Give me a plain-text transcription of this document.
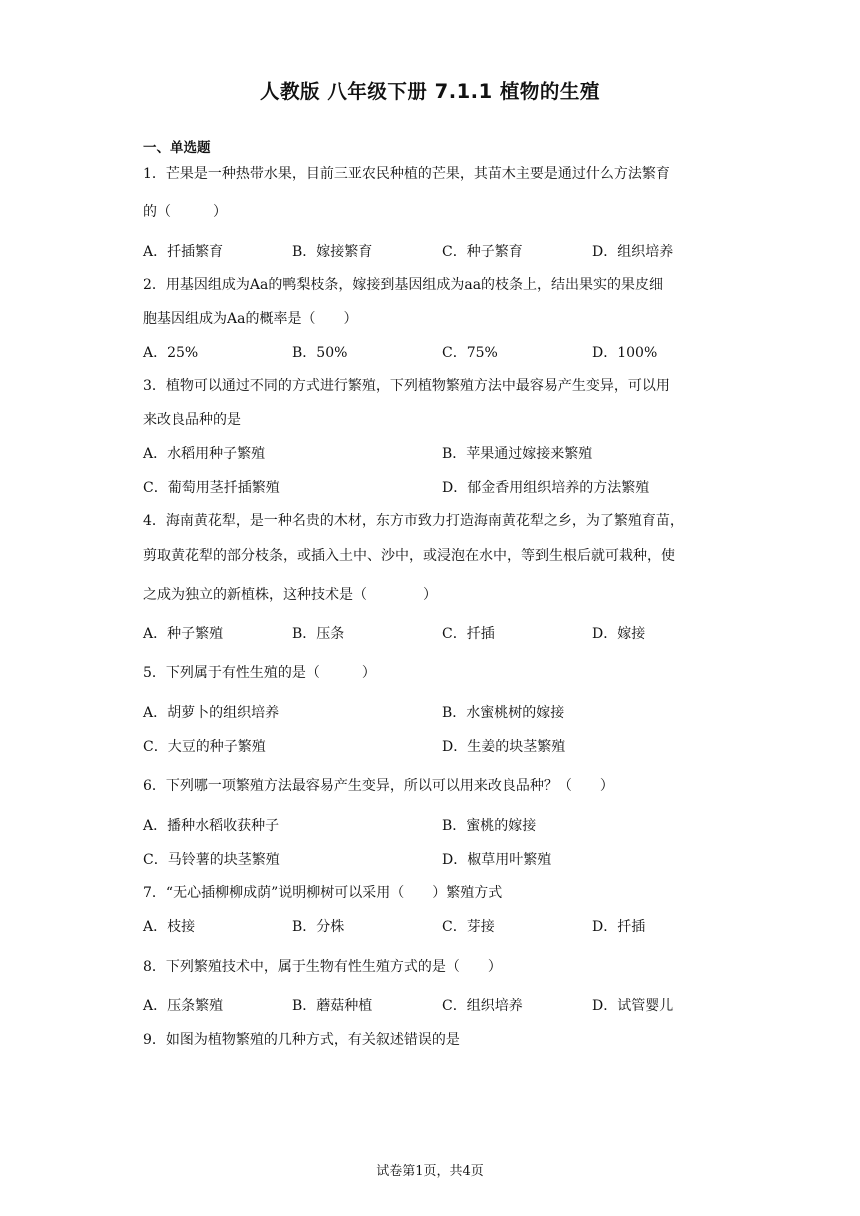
人教版 八年级下册 7.1.1 植物的生殖
一、单选题
1．芒果是一种热带水果，目前三亚农民种植的芒果，其苗木主要是通过什么方法繁育
的（　　　）
A．扦插繁育	B．嫁接繁育	C．种子繁育	D．组织培养
2．用基因组成为Aa的鸭梨枝条，嫁接到基因组成为aa的枝条上，结出果实的果皮细
胞基因组成为Aa的概率是（　　）
A．25%	B．50%	C．75%	D．100%
3．植物可以通过不同的方式进行繁殖，下列植物繁殖方法中最容易产生变异，可以用
来改良品种的是
A．水稻用种子繁殖	B．苹果通过嫁接来繁殖
C．葡萄用茎扦插繁殖	D．郁金香用组织培养的方法繁殖
4．海南黄花犁，是一种名贵的木材，东方市致力打造海南黄花犁之乡，为了繁殖育苗，
剪取黄花犁的部分枝条，或插入土中、沙中，或浸泡在水中，等到生根后就可栽种，使
之成为独立的新植株，这种技术是（　　　　）
A．种子繁殖	B．压条	C．扦插	D．嫁接
5．下列属于有性生殖的是（　　　）
A．胡萝卜的组织培养	B．水蜜桃树的嫁接
C．大豆的种子繁殖	D．生姜的块茎繁殖
6．下列哪一项繁殖方法最容易产生变异，所以可以用来改良品种？（　　）
A．播种水稻收获种子	B．蜜桃的嫁接
C．马铃薯的块茎繁殖	D．椒草用叶繁殖
7．“无心插柳柳成荫”说明柳树可以采用（　　）繁殖方式
A．枝接	B．分株	C．芽接	D．扦插
8．下列繁殖技术中，属于生物有性生殖方式的是（　　）
A．压条繁殖	B．蘑菇种植	C．组织培养	D．试管婴儿
9．如图为植物繁殖的几种方式，有关叙述错误的是
试卷第1页，共4页
